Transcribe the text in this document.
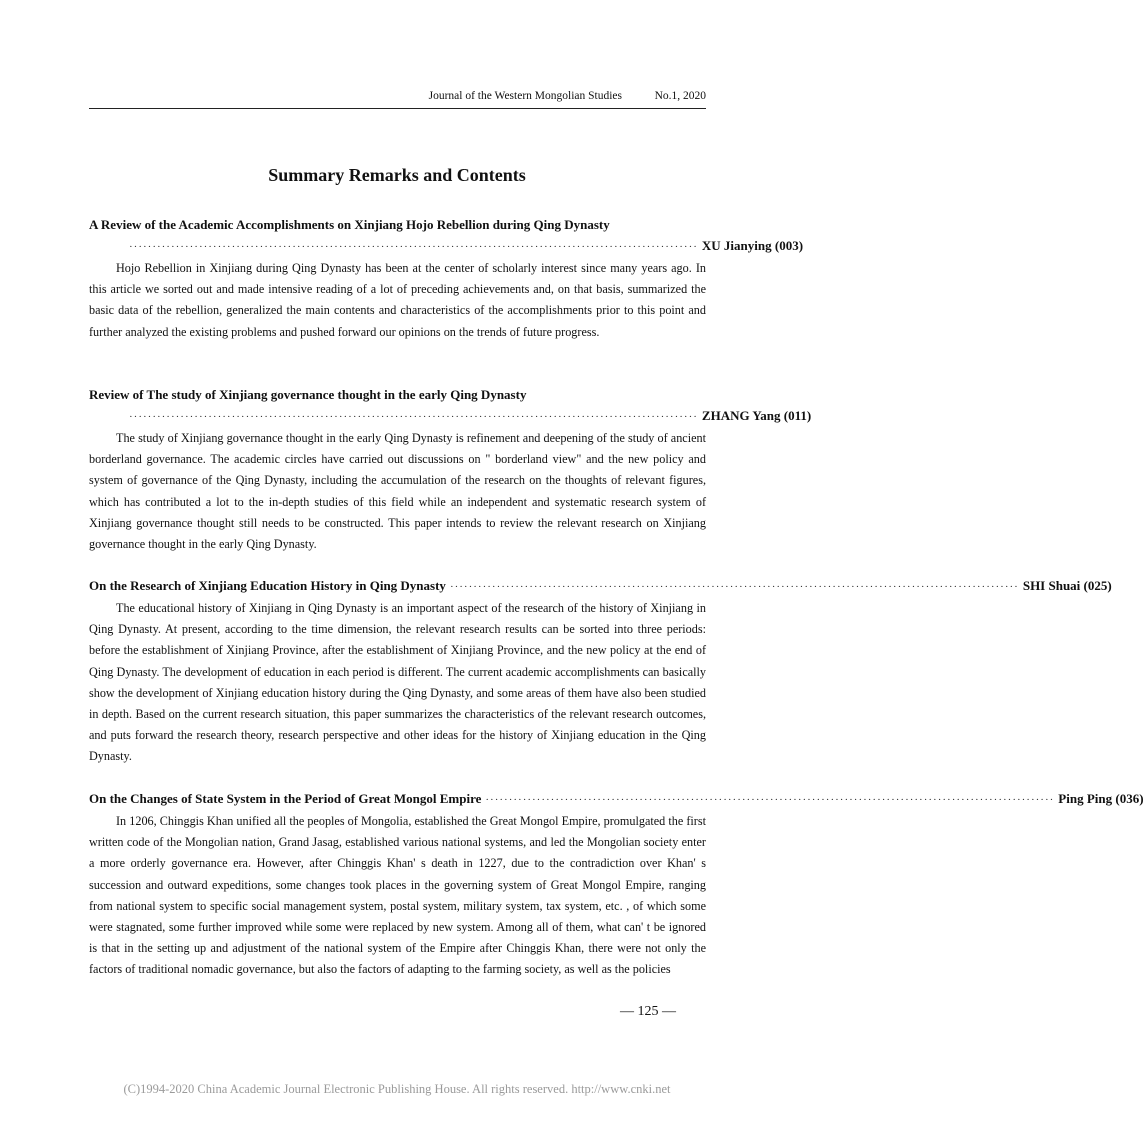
Journal of the Western Mongolian Studies	No.1, 2020
Summary Remarks and Contents
A Review of the Academic Accomplishments on Xinjiang Hojo Rebellion during Qing Dynasty
·························································································································· XU Jianying (003)

Hojo Rebellion in Xinjiang during Qing Dynasty has been at the center of scholarly interest since many years ago. In this article we sorted out and made intensive reading of a lot of preceding achievements and, on that basis, summarized the basic data of the rebellion, generalized the main contents and characteristics of the accomplishments prior to this point and further analyzed the existing problems and pushed forward our opinions on the trends of future progress.

Review of The study of Xinjiang governance thought in the early Qing Dynasty
·························································································································· ZHANG Yang (011)

The study of Xinjiang governance thought in the early Qing Dynasty is refinement and deepening of the study of ancient borderland governance. The academic circles have carried out discussions on " borderland view" and the new policy and system of governance of the Qing Dynasty, including the accumulation of the research on the thoughts of relevant figures, which has contributed a lot to the in-depth studies of this field while an independent and systematic research system of Xinjiang governance thought still needs to be constructed. This paper intends to review the relevant research on Xinjiang governance thought in the early Qing Dynasty.

On the Research of Xinjiang Education History in Qing Dynasty ·························································································································· SHI Shuai (025)

The educational history of Xinjiang in Qing Dynasty is an important aspect of the research of the history of Xinjiang in Qing Dynasty. At present, according to the time dimension, the relevant research results can be sorted into three periods: before the establishment of Xinjiang Province, after the establishment of Xinjiang Province, and the new policy at the end of Qing Dynasty. The development of education in each period is different. The current academic accomplishments can basically show the development of Xinjiang education history during the Qing Dynasty, and some areas of them have also been studied in depth. Based on the current research situation, this paper summarizes the characteristics of the relevant research outcomes, and puts forward the research theory, research perspective and other ideas for the history of Xinjiang education in the Qing Dynasty.

On the Changes of State System in the Period of Great Mongol Empire ·························································································································· Ping Ping (036)

In 1206, Chinggis Khan unified all the peoples of Mongolia, established the Great Mongol Empire, promulgated the first written code of the Mongolian nation, Grand Jasag, established various national systems, and led the Mongolian society enter a more orderly governance era. However, after Chinggis Khan' s death in 1227, due to the contradiction over Khan' s succession and outward expeditions, some changes took places in the governing system of Great Mongol Empire, ranging from national system to specific social management system, postal system, military system, tax system, etc. , of which some were stagnated, some further improved while some were replaced by new system. Among all of them, what can' t be ignored is that in the setting up and adjustment of the national system of the Empire after Chinggis Khan, there were not only the factors of traditional nomadic governance, but also the factors of adapting to the farming society, as well as the policies

— 125 —
(C)1994-2020 China Academic Journal Electronic Publishing House. All rights reserved. http://www.cnki.net
